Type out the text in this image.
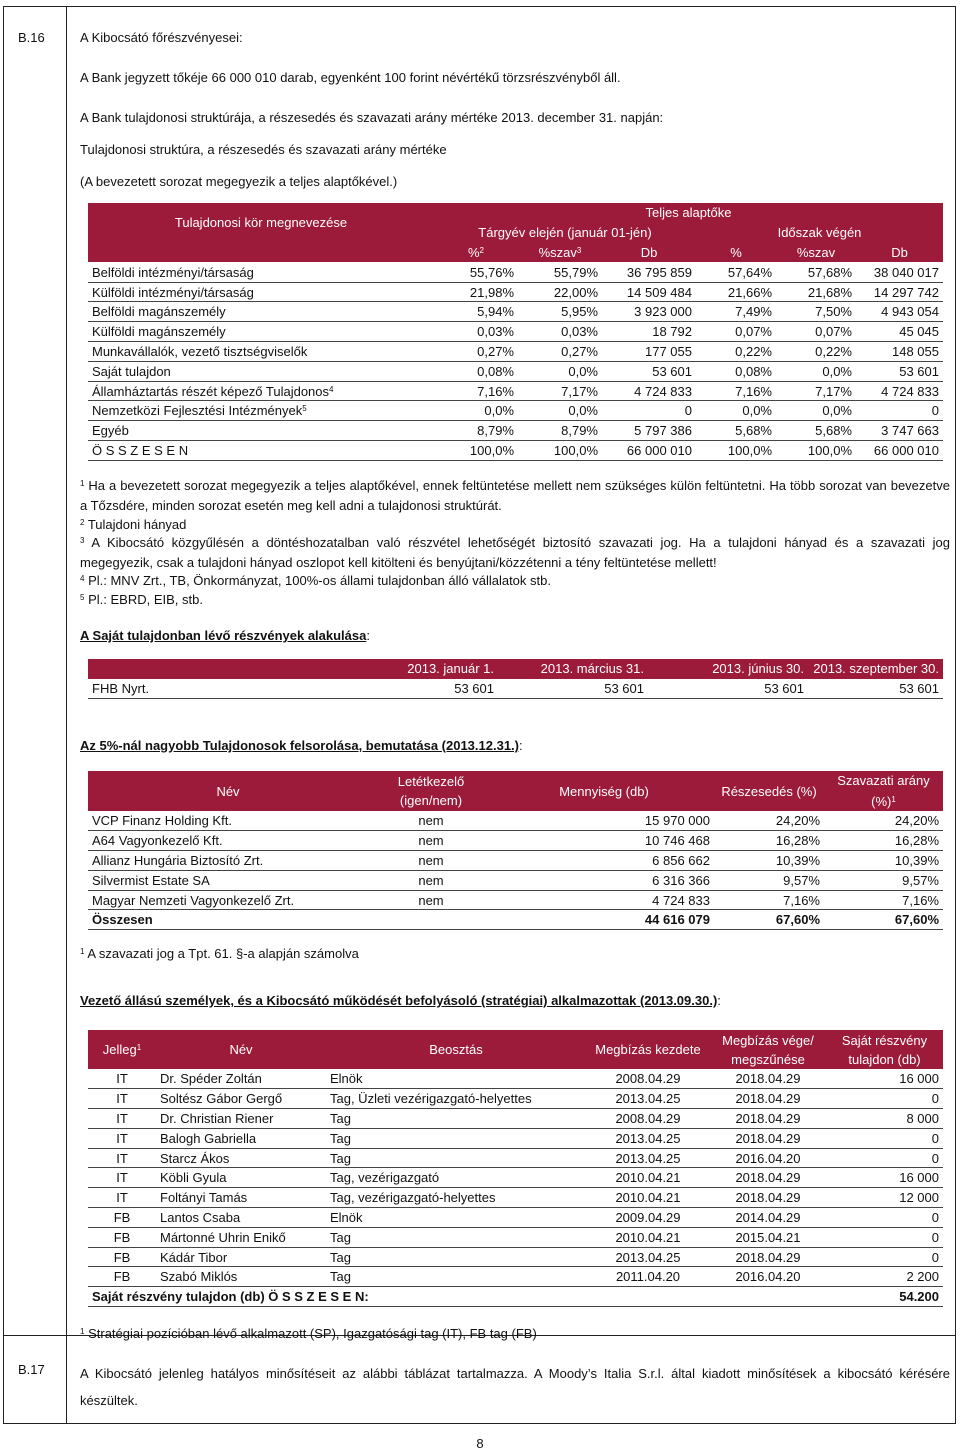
B.16	A Kibocsátó főrészvényesei:
A Bank jegyzett tőkéje 66 000 010 darab, egyenként 100 forint névértékű törzsrészvényből áll.
A Bank tulajdonosi struktúrája, a részesedés és szavazati arány mértéke 2013. december 31. napján:
Tulajdonosi struktúra, a részesedés és szavazati arány mértéke
(A bevezetett sorozat megegyezik a teljes alaptőkével.)
Tulajdonosi kör megnevezése	Teljes alaptőke					
	Tárgyév elején (január 01-jén)			Időszak végén		
	%$^2$	%szav$^3$	Db	%	%szav	Db
Belföldi intézményi/társaság	55,76%	55,79%	36 795 859	57,64%	57,68%	38 040 017
Külföldi intézményi/társaság	21,98%	22,00%	14 509 484	21,66%	21,68%	14 297 742
Belföldi magánszemély	5,94%	5,95%	3 923 000	7,49%	7,50%	4 943 054
Külföldi magánszemély	0,03%	0,03%	18 792	0,07%	0,07%	45 045
Munkavállalók, vezető tisztségviselők	0,27%	0,27%	177 055	0,22%	0,22%	148 055
Saját tulajdon	0,08%	0,0%	53 601	0,08%	0,0%	53 601
Államháztartás részét képező Tulajdonos$^4$	7,16%	7,17%	4 724 833	7,16%	7,17%	4 724 833
Nemzetközi Fejlesztési Intézmények$^5$	0,0%	0,0%	0	0,0%	0,0%	0
Egyéb	8,79%	8,79%	5 797 386	5,68%	5,68%	3 747 663
Ö S S Z E S E N	100,0%	100,0%	66 000 010	100,0%	100,0%	66 000 010
$^1$ Ha a bevezetett sorozat megegyezik a teljes alaptőkével, ennek feltüntetése mellett nem szükséges külön feltüntetni. Ha több sorozat van bevezetve a Tőzsdére, minden sorozat esetén meg kell adni a tulajdonosi struktúrát.
$^2$ Tulajdoni hányad
$^3$ A Kibocsátó közgyűlésén a döntéshozatalban való részvétel lehetőségét biztosító szavazati jog. Ha a tulajdoni hányad és a szavazati jog megegyezik, csak a tulajdoni hányad oszlopot kell kitölteni és benyújtani/közzétenni a tény feltüntetése mellett!
$^4$ Pl.: MNV Zrt., TB, Önkormányzat, 100%-os állami tulajdonban álló vállalatok stb.
$^5$ Pl.: EBRD, EIB, stb.
A Saját tulajdonban lévő részvények alakulása:
	2013. január 1.	2013. március 31.	2013. június 30.	2013. szeptember 30.
FHB Nyrt.	53 601	53 601	53 601	53 601
Az 5%-nál nagyobb Tulajdonosok felsorolása, bemutatása (2013.12.31.):
Név	Letétkezelő (igen/nem)	Mennyiség (db)	Részesedés (%)	Szavazati arány (%)$^1$
VCP Finanz Holding Kft.	nem	15 970 000	24,20%	24,20%
A64 Vagyonkezelő Kft.	nem	10 746 468	16,28%	16,28%
Allianz Hungária Biztosító Zrt.	nem	6 856 662	10,39%	10,39%
Silvermist Estate SA	nem	6 316 366	9,57%	9,57%
Magyar Nemzeti Vagyonkezelő Zrt.	nem	4 724 833	7,16%	7,16%
Összesen		44 616 079	67,60%	67,60%
$^1$ A szavazati jog a Tpt. 61. §-a alapján számolva
Vezető állású személyek, és a Kibocsátó működését befolyásoló (stratégiai) alkalmazottak (2013.09.30.):
Jelleg$^1$	Név	Beosztás	Megbízás kezdete	Megbízás vége/ megszűnése	Saját részvény tulajdon (db)
IT	Dr. Spéder Zoltán	Elnök	2008.04.29	2018.04.29	16 000
IT	Soltész Gábor Gergő	Tag, Üzleti vezérigazgató-helyettes	2013.04.25	2018.04.29	0
IT	Dr. Christian Riener	Tag	2008.04.29	2018.04.29	8 000
IT	Balogh Gabriella	Tag	2013.04.25	2018.04.29	0
IT	Starcz Ákos	Tag	2013.04.25	2016.04.20	0
IT	Köbli Gyula	Tag, vezérigazgató	2010.04.21	2018.04.29	16 000
IT	Foltányi Tamás	Tag, vezérigazgató-helyettes	2010.04.21	2018.04.29	12 000
FB	Lantos Csaba	Elnök	2009.04.29	2014.04.29	0
FB	Mártonné Uhrin Enikő	Tag	2010.04.21	2015.04.21	0
FB	Kádár Tibor	Tag	2013.04.25	2018.04.29	0
FB	Szabó Miklós	Tag	2011.04.20	2016.04.20	2 200
Saját részvény tulajdon (db) Ö S S Z E S E N:					54.200
$^1$ Stratégiai pozícióban lévő alkalmazott (SP), Igazgatósági tag (IT), FB tag (FB)
B.17	A Kibocsátó jelenleg hatályos minősítéseit az alábbi táblázat tartalmazza. A Moody’s Italia S.r.l. által kiadott minősítések a kibocsátó kérésére készültek.
8
